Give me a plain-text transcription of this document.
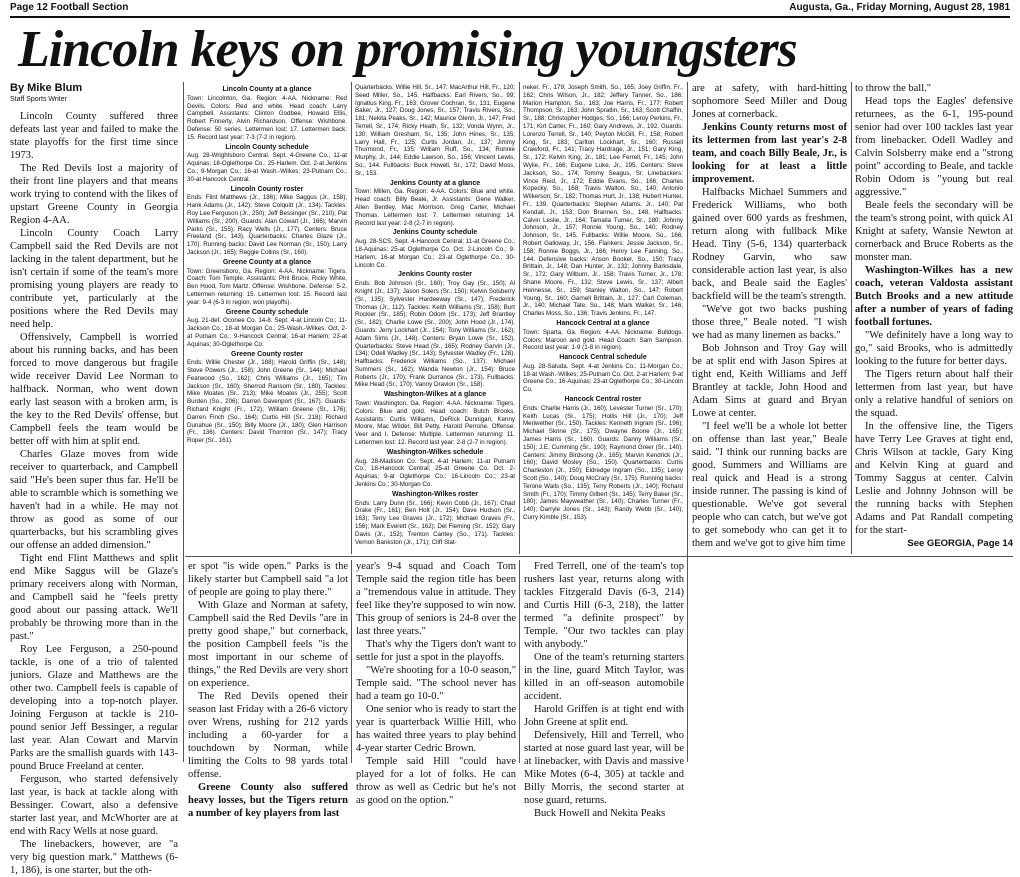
Page 12 Football Section	Augusta, Ga., Friday Morning, August 28, 1981
Lincoln keys on promising youngsters

By Mike Blum

Staff Sports Writer

Lincoln County suffered three defeats last year and failed to make the state playoffs for the first time since 1973.

The Red Devils lost a majority of their front line players and that means work trying to contend with the likes of upstart Greene County in Georgia Region 4-AA.

Lincoln County Coach Larry Campbell said the Red Devils are not lacking in the talent department, but he isn't certain if some of the team's more promising young players are ready to contribute yet, particularly at the positions where the Red Devils may need help.

Offensively, Campbell is worried about his running backs, and has been forced to move dangerous but fragile wide receiver David Lee Norman to halfback. Norman, who went down early last season with a broken arm, is the key to the Red Devils' offense, but Campbell feels the team would be better off with him at split end.

Charles Glaze moves from wide receiver to quarterback, and Campbell said "He's been super thus far. He'll be able to scramble which is something we haven't had in a while. He may not throw as good as some of our quarterbacks, but his scrambling gives our offense an added dimension."

Tight end Flint Matthews and split end Mike Saggus will be Glaze's primary receivers along with Norman, and Campbell said he "feels pretty good about our passing attack. We'll probably be throwing more than in the past."

Roy Lee Ferguson, a 250-pound tackle, is one of a trio of talented juniors. Glaze and Matthews are the other two. Campbell feels is capable of developing into a top-notch player. Joining Ferguson at tackle is 210-pound senior Jeff Bessinger, a regular last year. Alan Cowart and Marvin Parks are the smallish guards with 143-pound Bruce Freeland at center.

Ferguson, who started defensively last year, is back at tackle along with Bessinger. Cowart, also a defensive starter last year, and McWhorter are at end with Racy Wells at nose guard.

The linebackers, however, are "a very big question mark." Matthews (6-1, 186), is one starter, but the oth-

Lincoln County at a glance

Town: Lincolnton, Ga. Region: 4-AA. Nickname: Red Devils. Colors: Red and white. Head coach: Larry Campbell. Assistants: Clinton Godbee, Howard Ellis, Robert Finnerty, Alvin Richardson. Offense: Wishbone. Defense: 50 series. Lettermen lost: 17. Lettermen back: 15. Record last year: 7-3 (7-2 in region).

Lincoln County schedule

Aug. 28-Wrightsboro Central. Sept. 4-Greene Co.; 11-at Aquinas; 18-Oglethorpe Co.; 25-Harlem. Oct. 2-at Jenkins Co.; 9-Morgan Co.; 16-at Wash.-Wilkes; 23-Putnam Co.; 30-at Hancock Central.

Lincoln County roster

Ends: Flint Matthews (Jr., 186); Mike Saggus (Jr., 158); Hank Adams (Jr., 142); Steve Colquitt (Jr., 134). Tackles: Roy Lee Ferguson (Jr., 250); Jeff Bessinger (Sr., 210); Pat Williams (Sr., 200). Guards: Alan Cowart (Jr., 166); Marvin Parks (Sr., 155); Racy Wells (Jr., 177). Centers: Bruce Freeland (Sr., 143). Quarterbacks: Charles Glaze (Jr., 170). Running backs: David Lee Norman (Sr., 150); Larry Jackson (Jr., 165); Reggie Collins (Sr., 160).

Greene County at a glance

Town: Greensboro, Ga. Region: 4-AA. Nickname: Tigers. Coach: Tom Temple. Assistants: Phil Bruce, Ricky White, Ben Hood, Tom Martz. Offense: Wishbone. Defense: 5-2. Lettermen returning: 15. Lettermen lost: 15. Record last year: 9-4 (6-3 in region, won playoffs).

Greene County schedule

Aug. 21-def. Oconee Co. 14-8. Sept. 4-at Lincoln Co.; 11-Jackson Co.; 18-at Morgan Co.; 25-Wash.-Wilkes. Oct. 2-at Putnam Co.; 9-Hancock Central; 16-at Harlem; 23-at Aquinas; 30-Oglethorpe Co.

Greene County roster

Ends: Willie Chester (Jr., 188); Harold Griffin (Sr., 148); Steve Powers (Jr., 158); John Greene (Sr., 144); Michael Fearwood (So., 162); Chris Williams (Jr., 165); Tim Jackson (Sr., 160); Sherrod Ransom (Sr., 180). Tackles: Mike Moates (Sr., 213); Mike Moates (Jr., 255); Scott Burden (So., 206); Darren Davenport (Sr., 167). Guards: Richard Knight (Fr., 172); William Greene (Sr., 176); Darren Finch (So., 164); Curtis Hill (Sr., 218); Richard Dunahue (Sr., 150); Billy Moore (Jr., 180); Glen Harrison (Fr., 136). Centers: David Thornton (Sr., 147); Tracy Roper (Sr., 161).

Quarterbacks: Willie Hill, Sr., 147; MacArthur Hill, Fr., 120; Seed Miller, So., 145. Halfbacks: Earl Rivers, So., 99; Ignatius King, Fr., 163; Grover Cochran, Sr., 131; Eugene Baker, Jr., 127; Doug Jones, Sr., 157; Travis Rivers, So., 181; Nekita Peaks, Sr., 142; Maurice Glenn, Jr., 147; Fred Terrell, Sr., 174; Ricky Heath, Sr., 132; Vonda Wynn, Jr., 130; William Gresham, Sr., 135; John Hines, Sr., 135; Larry Hall, Fr., 125; Curtis Jordan, Jr., 137; Jimmy Thurmond, Fr., 135; William Ruff, So., 134; Ronnie Murphy, Jr., 144; Eddie Lawson, So., 156; Vincent Lewis, So., 144. Fullbacks: Buck Howell, Sr., 172; David Moss, Sr., 153.

Jenkins County at a glance

Town: Millen, Ga. Region: 4-AA. Colors: Blue and white. Head coach: Billy Beale, Jr. Assistants: Gene Walker, Allen Bentley, Mac Morrison, Greg Carter, Michael Thomas. Lettermen lost: 7. Lettermen returning: 14. Record last year: 2-8 (2-7 in region).

Jenkins County schedule

Aug. 28-SCS. Sept. 4-Hancock Central; 11-at Greene Co.; 18-Aquinas; 25-at Oglethorpe Co. Oct. 2-Lincoln Co.; 9-Harlem; 16-at Morgan Co.; 23-at Oglethorpe Co.; 30-Lincoln Co.

Jenkins County roster

Ends: Bob Johnson (Sr., 160); Troy Gay (Sr., 150); Al Knight (Jr., 137); Jason Solers (Sr., 150); Kelvin Solsberry (Sr., 135); Sylvester Hardeeway (Sr., 147); Frederick Thomas (Jr., 112). Tackles: Keith Williams (Sr., 158); Burt Rockier (Sr., 185); Robin Odom (Sr., 173); Jeff Brantley (Sr., 182); Charlie Lowe (Sr., 200); John Hood (Jr., 174). Guards: Jerry Lockhart (Jr., 154); Tony Williams (Sr., 162); Adam Sims (Jr., 148). Centers: Bryan Lowe (Sr., 152). Quarterbacks: Steve Head (Sr., 165); Rodney Garvin (Jr., 134); Odell Wadley (Sr., 143); Sylvester Wadley (Fr., 128). Halfbacks: Frederick Williams (So., 137); Michael Summers (Sr., 162); Wanda Newton (Jr., 154); Bruce Roberts (Jr., 170); Frank Durrance (Sr., 173). Fullbacks: Mike Head (Sr., 170); Vanny Dravion (Sr., 158).

Washington-Wilkes at a glance

Town: Washington, Ga. Region: 4-AA. Nickname: Tigers. Colors: Blue and gold. Head coach: Butch Brooks. Assistants: Curtis Williams, DeRick Dunnigan, Kenny Moore, Mac Wilder, Bill Petty, Harold Perrone. Offense: Veer and I. Defense: Multiple. Lettermen returning: 11. Lettermen lost: 12. Record last year: 2-8 (2-7 in region).

Washington-Wilkes schedule

Aug. 28-Madison Co. Sept. 4-at Harlem; 11-at Putnam Co.; 18-Hancock Central; 25-at Greene Co. Oct. 2-Aquinas; 9-at Oglethorpe Co.; 16-Lincoln Co.; 23-at Jenkins Co.; 30-Morgan Co.

Washington-Wilkes roster

Ends: Larry Dunn (Sr., 166); Kevin Cobb (Jr., 167); Chad Drake (Fr., 161); Ben Holt (Jr., 154); Dave Hudson (Sr., 163); Terry Lee Graves (Jr., 172); Michael Graves (Fr., 156); Mark Everett (Sr., 162); Del Fleming (Sr., 152); Gary Davis (Jr., 152); Trenton Cantey (So., 171). Tackles: Vernon Bankston (Jr., 171); Cliff Slat-

neker, Fr., 179; Joseph Smith, So., 165; Joey Griffin, Fr., 162; Chris Wilson, Jr., 182; Jeffery Tanner, So., 186; Marion Hampton, So., 163; Joe Harris, Fr., 177; Robert Thompson, Sr., 163; John Spratlin, Sr., 163; Scott Chaffin, Sr., 188; Christopher Hodges, So., 166; Leroy Perkins, Fr., 171; Kirt Carter, Fr., 160; Gary Andrews, Jr., 192. Guards: Lorenzo Terrell, Sr., 140; Peyton McGill, Fr., 158; Robert King, Sr., 183; Carlton Lockhart, Sr., 160; Russell Crawford, Fr., 141; Tracy Hardrage, Jr., 151; Gary King, Sr., 172; Kelvin King, Jr., 181; Lee Ferrell, Fr., 145; John Wylie, Fr., 166; Eugene Luke, Jr., 195. Centers: Steve Jackson, So., 174; Tommy Seagus, Sr. Linebackers: Vince Reid, Jr., 172; Eddie Evans, So., 166; Charles Kopecky, So., 168; Travis Walton, So., 140; Antonio Wilkerson, Sr., 182; Thomas Hurt, Jr., 138; Hubert Hunter, Fr., 139. Quarterbacks: Stephen Adams, Jr., 140; Pat Kendall, Jr., 153; Don Brannen, So., 148. Halfbacks: Calvin Leslie, Jr., 164; Tamaila Turner, Sr., 180; Johnny Johnson, Jr., 157; Ronnie Young, So., 140; Rodney Johnson, Sr., 145. Fullbacks: Willie Moore, So., 166; Robert Galloway, Jr., 156. Flankers: Jessie Jackson, Sr., 158; Ronnie Boggs, Jr., 166; Henry Lee Fanning, So., 144. Defensive backs: Anson Booker, So., 150; Tracy Brittain, Jr., 148; Dan Hunter, Jr., 132; Johnny Barksdale, Sr., 172; Gary Wilburn, Jr., 158; Travis Turner, Jr., 178; Shane Moore, Fr., 132; Steve Lewis, Sr., 137; Albert Hennesse, Sr., 159; Stanley Walton, So., 147; Robert Young, Sr., 160; Garnell Brittain, Jr., 127; Carl Coleman, Jr., 140; Michael Tate, So., 148; Mark Walker, Sr., 146; Charles Moss, So., 136; Travis Jenkins, Fr., 147.

Hancock Central at a glance

Town: Sparta, Ga. Region: 4-AA. Nickname: Bulldogs. Colors: Maroon and gold. Head Coach: Sam Sampson. Record last year: 1-9 (1-8 in region).

Hancock Central schedule

Aug. 28-Saluda. Sept. 4-at Jenkins Co.; 11-Morgan Co.; 18-at Wash.-Wilkes; 25-Putnam Co. Oct. 2-at Harlem; 9-at Greene Co.; 16-Aquinas; 23-at Oglethorpe Co.; 30-Lincoln Co.

Hancock Central roster

Ends: Charlie Harris (Jr., 160); Levester Turner (Sr., 170); Keith Lucas (Sr., 175); Hollis Hill (Jr., 170); Jeff Meriwether (Sr., 150). Tackles: Kenneth Ingram (Sr., 196); Michael Skrine (Sr., 175); Dwayne Boone (Jr., 165); James Harris (Sr., 160). Guards: Danny Williams (Sr., 150); J.E. Cumming (Sr., 190); Raymond Greer (Sr., 140). Centers: Jimmy Birdsong (Jr., 165); Marvin Kendrick (Jr., 160); David Mosley (So., 150). Quarterbacks: Curtis Charleston (Jr., 150); Eldredge Ingram (So., 135); Leroy Scott (So., 140); Doug McCrary (Sr., 175). Running backs: Terone Walls (So., 135); Terry Roberts (Jr., 140); Richard Smith (Fr., 170); Timmy Gilbert (Sr., 145); Terry Baker (Sr., 180); James Mayweather (Sr., 140); Charles Turner (Fr., 140); Darryle Jones (Sr., 143); Randy Webb (Sr., 140); Curry Kimble (Sr., 153).

are at safety, with hard-hitting sophomore Seed Miller and Doug Jones at cornerback.

Jenkins County returns most of its lettermen from last year's 2-8 team, and coach Billy Beale, Jr., is looking for at least a little improvement.

Halfbacks Michael Summers and Frederick Williams, who both gained over 600 yards as freshmen, return along with fullback Mike Head. Tiny (5-6, 134) quarterback Rodney Garvin, who saw considerable action last year, is also back, and Beale said the Eagles' backfield will be the team's strength.

"We've got two backs pushing those three," Beale noted. "I wish we had as many linemen as backs."

Bob Johnson and Troy Gay will be at split end with Jason Spires at tight end, Keith Williams and Jeff Brantley at tackle, John Hood and Adam Sims at guard and Bryan Lowe at center.

"I feel we'll be a whole lot better on offense than last year," Beale said. "I think our running backs are good. Summers and Williams are real quick and Head is a strong inside runner. The passing is kind of questionable. We've got several people who can catch, but we've got to get somebody who can get it to them and we've got to give him time

to throw the ball."

Head tops the Eagles' defensive returnees, as the 6-1, 195-pound senior had over 100 tackles last year from linebacker. Odell Wadley and Calvin Solsberry make end a "strong point" according to Beale, and tackle Robin Odom is "young but real aggressive."

Beale feels the secondary will be the team's strong point, with quick Al Knight at safety, Wansie Newton at cornerback and Bruce Roberts as the monster man.

Washington-Wilkes has a new coach, veteran Valdosta assistant Butch Brooks and a new attitude after a number of years of fading football fortunes.

"We definitely have a long way to go," said Brooks, who is admittedly looking to the future for better days.

The Tigers return about half their lettermen from last year, but have only a relative handful of seniors on the squad.

In the offensive line, the Tigers have Terry Lee Graves at tight end, Chris Wilson at tackle, Gary King and Kelvin King at guard and Tommy Saggus at center. Calvin Leslie and Johnny Johnson will be the running backs with Stephen Adams and Pat Randall competing for the start-

See GEORGIA, Page 14

er spot "is wide open." Parks is the likely starter but Campbell said "a lot of people are going to play there."

With Glaze and Norman at safety, Campbell said the Red Devils "are in pretty good shape," but cornerback, the position Campbell feels "is the most important in our scheme of things," the Red Devils are very short on experience.

The Red Devils opened their season last Friday with a 26-6 victory over Wrens, rushing for 212 yards including a 60-yarder for a touchdown by Norman, while limiting the Colts to 98 yards total offense.

Greene County also suffered heavy losses, but the Tigers return a number of key players from last

year's 9-4 squad and Coach Tom Temple said the region title has been a "tremendous value in attitude. They feel like they're supposed to win now. This group of seniors is 24-8 over the last three years."

That's why the Tigers don't want to settle for just a spot in the playoffs.

"We're shooting for a 10-0 season," Temple said. "The school never has had a team go 10-0."

One senior who is ready to start the year is quarterback Willie Hill, who has waited three years to play behind 4-year starter Cedric Brown.

Temple said Hill "could have played for a lot of folks. He can throw as well as Cedric but he's not as good on the option."

Fred Terrell, one of the team's top rushers last year, returns along with tackles Fitzgerald Davis (6-3, 214) and Curtis Hill (6-3, 218), the latter termed "a definite prospect" by Temple. "Our two tackles can play with anybody."

One of the team's returning starters in the line, guard Mitch Taylor, was killed in an off-season automobile accident.

Harold Griffen is at tight end with John Greene at split end.

Defensively, Hill and Terrell, who started at nose guard last year, will be at linebacker, with Davis and massive Mike Motes (6-4, 305) at tackle and Billy Morris, the second starter at nose guard, returns.

Buck Howell and Nekita Peaks
